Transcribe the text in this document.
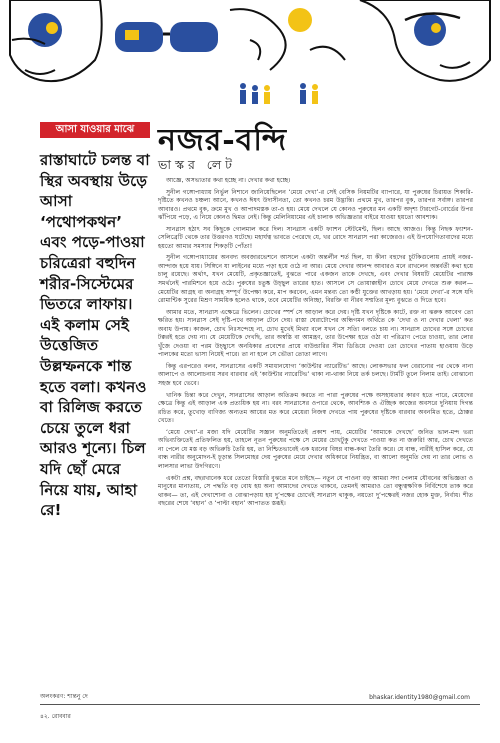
আসা যাওয়ার মাঝে নজর-বন্দি

রাস্তাঘাটে চলন্ত বা স্থির অবস্থায় উড়ে আসা ‘পথোপকথন’ এবং পড়ে-পাওয়া চরিত্রেরা বহুদিন শরীর-সিস্টেমের ভিতরে লাফায়। এই কলাম সেই উত্তেজিত উল্লম্ফনকে শান্ত হতে বলা। কখনও বা রিলিজ করতে চেয়ে তুলে ধরা আরও শূন্যে। চিল যদি ছোঁ মেরে নিয়ে যায়, আহা রে!

ভাস্কর লেট

আজ্ঞে, অসভ্যতার কথা হচ্ছে না। দেখার কথা হচ্ছে।

সুনীল গঙ্গোপাধ্যায় নির্ভুল নিশানে জানিয়েছিলেন ‘মেয়ে দেখা’-র সেই বেসিক নিয়মটির ব্যাপারে, যা পুরুষের চিরায়ত শিকারি-দৃষ্টিতে কখনও চঞ্চল্য আনে, কখনও ঈষৎ উদাসীনতা, তো কখনও চরম উদ্ভ্রান্তি। প্রথমে মুখ, তারপর বুক, তারপর সর্বাঙ্গ। তারপর আবারও। প্রথমে বুক, ক্রমে মুখ ও আপাদমস্তক তা-ও হয়। মেয়ে দেখলে যে কোনও পুরুষের মন একটি অদৃশ্য টারগেট-বোর্ডের উপর ঝাঁপিয়ে পড়ে, এ নিয়ে কোনও দ্বিমত নেই। কিন্তু মেলিনিয়ামের এই চালাক অভিজ্ঞতার বাইরে যাওয়া হয়তো আবশ্যক।

সানগ্লাস হঠাৎ সব কিছুকে গোলমাল করে দিল। সানগ্লাস একটি ফ্যাশন স্টেটমেন্ট, ছিল। আছে আজও। কিন্তু নিছক ফ্যাশন-সেলিব্রেটি থেকে তার উত্তরণও ঘটেছে। মহার্ঘত্ব ভাবতে পেরেছে যে, খর রোদে সানগ্লাস পরা কাজেরও। এই উপযোগিতাবাদের মধ্যে হয়তো আমার সমস্যার শিকড়টি পোঁতা!

সুনীল গঙ্গোপাধ্যায়ের অনবদ্য অবজারভেশনে আসলে একটা অন্তর্লীন শর্ত ছিল, যা কীনা বহুদের চুটকিগুলোয় প্রায়ই নজর-আন্দাজ হয়ে যায়। সিঙ্গিনে যা লাইনের মধ্যে পড়া হয়ে ওঠে না আর। মেয়ে দেখার আনন্দ আবারও মনে রাখলেন অন্তর্বর্তী কথা হয়ে চালু রয়েছে। অর্থাৎ, যখন মেয়েটি, প্রকৃতজ্ঞাতেই, বুঝতে পারে একজন তাকে দেখছে, এবং দেখার বিষয়টি মেয়েটির পারাক্ষ সমর্থনেই পারমিশনে হয়ে ওঠে। পুরুষের চতুষ্ক উচ্ছ্বল তারের হাত। আসলে সে তোয়াক্কাহীন চোখে মেয়ে দেখতে শুরু করল— মেয়েটির আগ্রহ বা অনাগ্রহ সম্পূর্ণ উপেক্ষা করে, মাপ করবেন, এমন মন্তব্য তো কণ্ঠী যুক্তের আখড়ায় হয়। ‘মেয়ে দেখা’-র সঙ্গে যদি রোমান্টিক সুরের মিশ্রণ সাময়িক হলেও থাকে, তবে মেয়েটির অনিচ্ছা, বিরক্তি বা নীরব সম্মতির মূল্য বুঝতে ও দিতে হবে।

আমার মতে, সানগ্লাস এক্ষেত্রে ভিলেন। চোখের স্পর্শ সে আড়াল করে দেয়। দৃষ্টি যখন দৃষ্টিকে কাটে, রক্ত না ঝরুক আবেগ তো ক্ষরিত হয়। সানগ্লাস সেই দৃষ্টি-পথে আড়াল টেনে দেয়। রাস্তা ঘেরাটোপের অন্ধিগমন অর্থিতে কে ‘দেখা ও না দেখার খেলা’ কত অবাধ উপায়। কাজল, চোখ নিঃসন্দেহে না, চোখ মুখেই মিথ্যা বলে যখন সে সত্যি বলতে চায় না। সানগ্লাস চোখের সঙ্গে চোখের টক্করই হতে দেয় না। যে মেয়েটিকে দেখছি, তার অস্বস্তি বা আমন্ত্রণ, তার উপেক্ষা হতে ওঠা বা পরিত্রাণ পেতে চাওয়া, তার লোর খুঁজে দেওয়া বা পরম উচ্ছ্বাসে অনধিকার প্রবেশের প্রায়ে বাউন্ডারির সীমা ডিঙিয়ে দেওয়া তো চোখের পাতায় হাওয়ায় উড়ে পালকের মতো ভাসা নিয়েই পারে। তা না হলে সে ভৌতা তোতা লাগে।

কিন্তু এরপরেও বলব, সানগ্লাসের একটি সমাধানযোগ্য ‘কাউন্টার ন্যারেটিভ’ আছে। লোকসভার ফল বেরানোর পর থেকে নানা আলাপে ও আলোচনায় সরব বারবার এই ‘কাউন্টার ন্যারেটিভ’ থাকা না-থাকা নিয়ে তর্ক চলছে। টার্মটি তুলে নিলাম তাই। বোঝানো সহজ হবে ভেবে।

খানিক চিন্তা করে দেখুন, সানগ্লাসের আড়াল অতিক্রম করতে না পারা পুরুষের পক্ষে অসহায়তার কারণ হতে পারে, মেয়েদের ক্ষেত্রে কিন্তু এই আড়াল এক প্রত্যয়িক হয় না। বরং সানগ্লাসের ওপারে থেকে, আবশ্যিক ও ঐচ্ছিক কাজের অবসরে দুনিয়ায় দিগন্ত রচিত করে, তুখোড় বাণিজ্য অন্যতম আয়ের মত করে মেয়েরা নিজস্ব দেখতে পায় পুরুষের দৃষ্টিকে বারবার অবনমিত হতে, ঠোক্কর খেতে।

‘মেয়ে দেখা’-র মজা যদি মেয়েটির সজ্ঞান অনুমতিতেই প্রকাশ পায়, মেয়েটির ‘আমাকে দেখছে’ জনিত ভাল-মন্দ ভরা অভিব্যক্তিতেই প্রতিফলিত হয়, তাহলে নূতন পুরুষের পক্ষে সে মেয়ের চোখটুকু দেখতে পাওয়া কত না জরুরি! আর, চোখ দেখতে না পেলে যে মস্ত বড় অভিরুচি তৈরি হয়, তা নিশ্চিতভাবেই এক ধরনের বিষণ্ণ বান্ধ-কথা তৈরি করে। যে বান্ধ, নারীই হাসিল করে, যে বান্ধ নারীর অনুমোদন-ই চূড়ান্ত সিলমোহর দেয় পুরুষের মেয়ে দেখার অধিকারে নিয়ন্ত্রিত, বা আলো অনুমতি দেয় না তার লোভ ও লালসার লাভা উদগিরণে।

একটা প্রশ্ন, বছরখানেক ধরে তেতো বিস্তারি বুঝতে মনে চাইছে— নতুন যে পাওনা বড় আমরা সদা পেলাম যৌবনের অভিজ্ঞতা ও মানুষের মানাতায়, সে পদ্ধতি বড় বোধ হয় অন্য আমাদের দেখতে থাকবে, তেমনই আমরাও তো বন্ধুত্বক্ষণিক নির্বিশেষে তাক করে থাকব— তা, এই দেখাশোনা ও বোঝাপড়ায় হয় দু’পক্ষের চোখেই সানগ্লাস থাকুক, নয়তো দু’পক্ষেরই নজর হোক মুক্ত, নির্বাধ। শীত বছরের শেষে ‘বহান’ ও ‘পাল্টা বহান’ আপাতত স্তব্ধই।

অলংকরণ: শান্তনু দে	bhaskar.identity1980@gmail.com
৪২. রোববার
